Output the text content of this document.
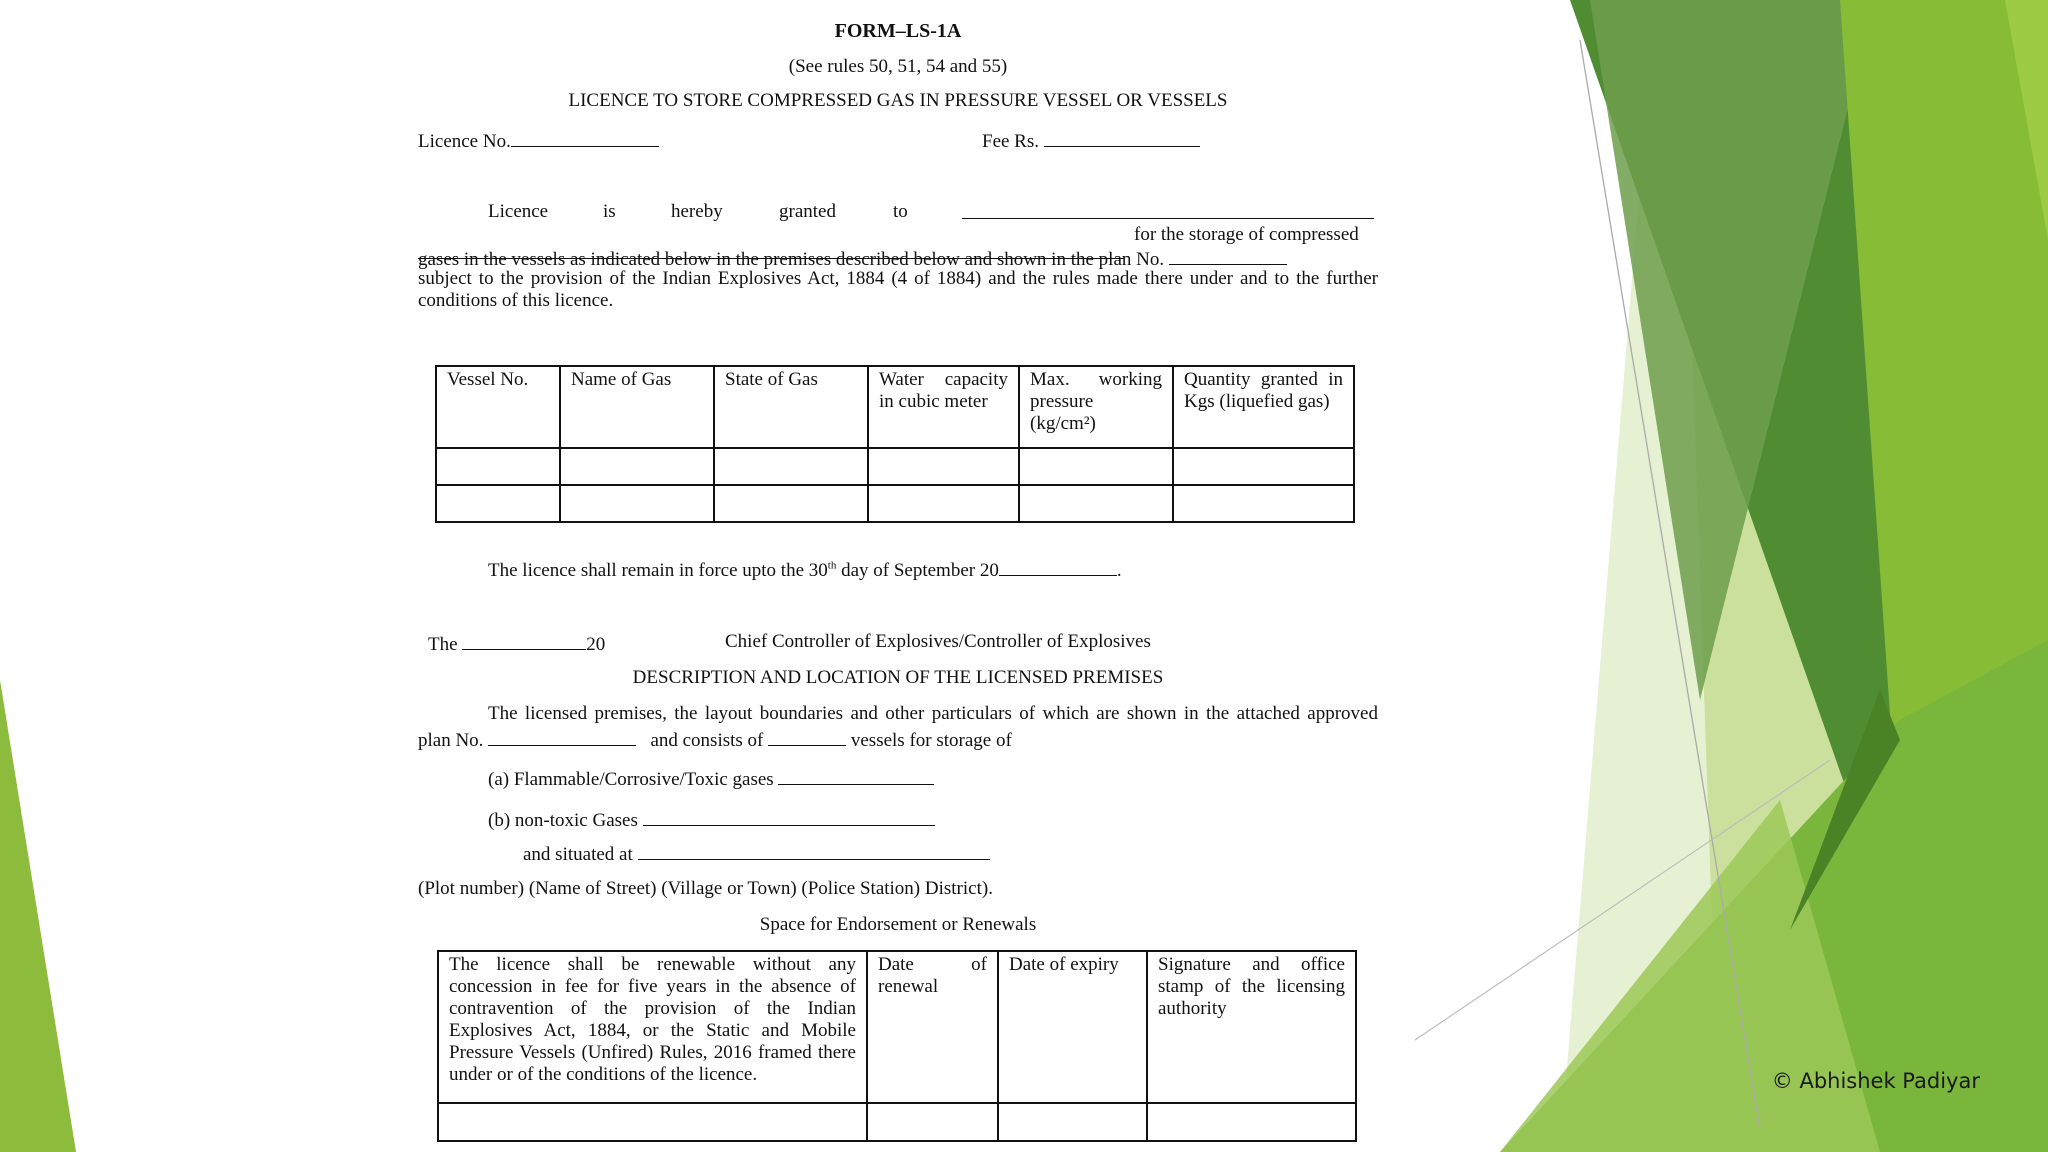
FORM–LS-1A
(See rules 50, 51, 54 and 55)
LICENCE TO STORE COMPRESSED GAS IN PRESSURE VESSEL OR VESSELS
Licence No.	Fee Rs.
Licence	is	hereby	granted	to
for the storage of compressed
gases in the vessels as indicated below in the premises described below and shown in the plan No.
subject to the provision of the Indian Explosives Act, 1884 (4 of 1884) and the rules made there under and to the further
conditions of this licence.
Vessel No.	Name of Gas	State of Gas	Water capacity in cubic meter	Max. working pressure (kg/cm²)	Quantity granted in Kgs (liquefied gas)

The licence shall remain in force upto the 30th day of September 20	.
The	20	Chief Controller of Explosives/Controller of Explosives
DESCRIPTION AND LOCATION OF THE LICENSED PREMISES
The licensed premises, the layout boundaries and other particulars of which are shown in the attached approved
plan No.	and consists of	vessels for storage of
(a) Flammable/Corrosive/Toxic gases
(b) non-toxic Gases
and situated at
(Plot number) (Name of Street) (Village or Town) (Police Station) District).
Space for Endorsement or Renewals
The licence shall be renewable without any concession in fee for five years in the absence of contravention of the provision of the Indian Explosives Act, 1884, or the Static and Mobile Pressure Vessels (Unfired) Rules, 2016 framed there under or of the conditions of the licence.	Date of renewal	Date of expiry	Signature and office stamp of the licensing authority

© Abhishek Padiyar
